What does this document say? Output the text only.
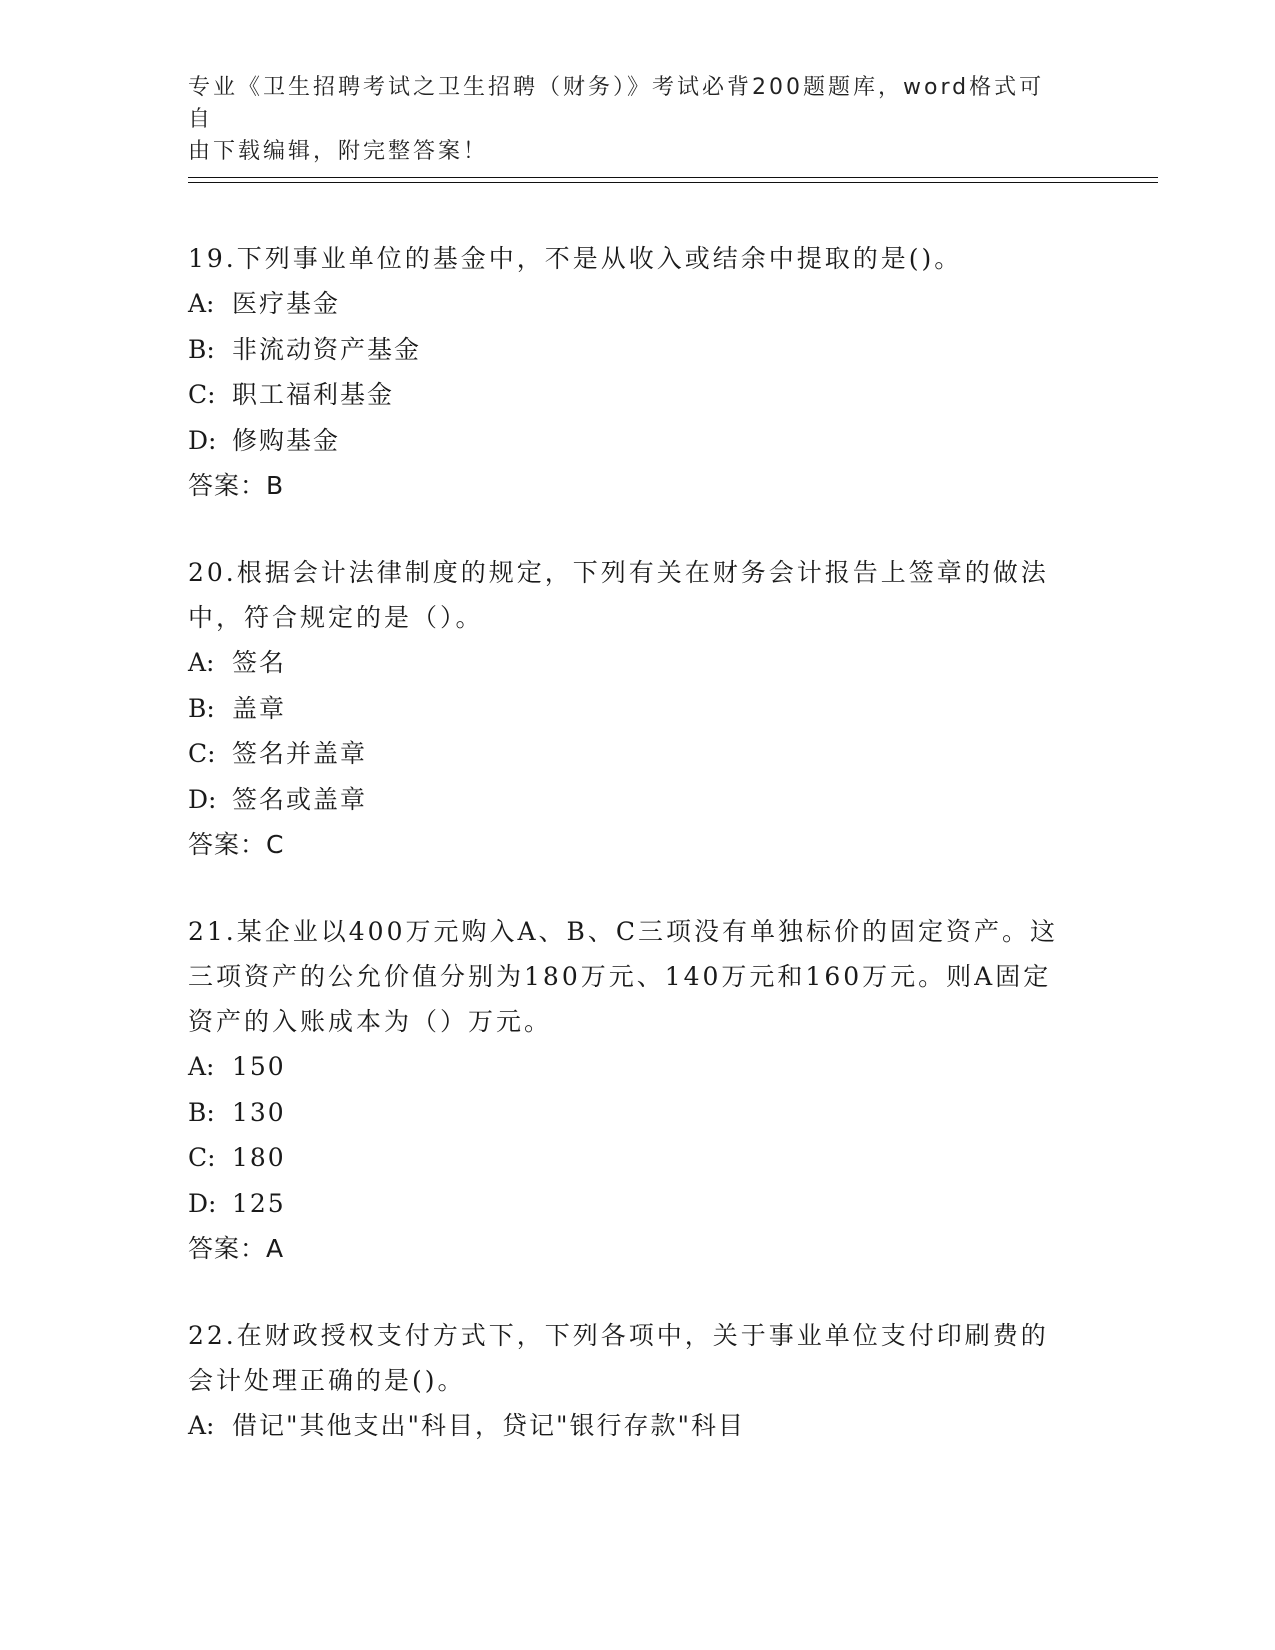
专业《卫生招聘考试之卫生招聘（财务）》考试必背200题题库，word格式可自
由下载编辑，附完整答案！
19.下列事业单位的基金中，不是从收入或结余中提取的是()。
A: 医疗基金
B: 非流动资产基金
C: 职工福利基金
D: 修购基金
答案：B
20.根据会计法律制度的规定，下列有关在财务会计报告上签章的做法
中，符合规定的是（）。
A: 签名
B: 盖章
C: 签名并盖章
D: 签名或盖章
答案：C
21.某企业以400万元购入A、B、C三项没有单独标价的固定资产。这
三项资产的公允价值分别为180万元、140万元和160万元。则A固定
资产的入账成本为（）万元。
A: 150
B: 130
C: 180
D: 125
答案：A
22.在财政授权支付方式下，下列各项中，关于事业单位支付印刷费的
会计处理正确的是()。
A: 借记"其他支出"科目，贷记"银行存款"科目
